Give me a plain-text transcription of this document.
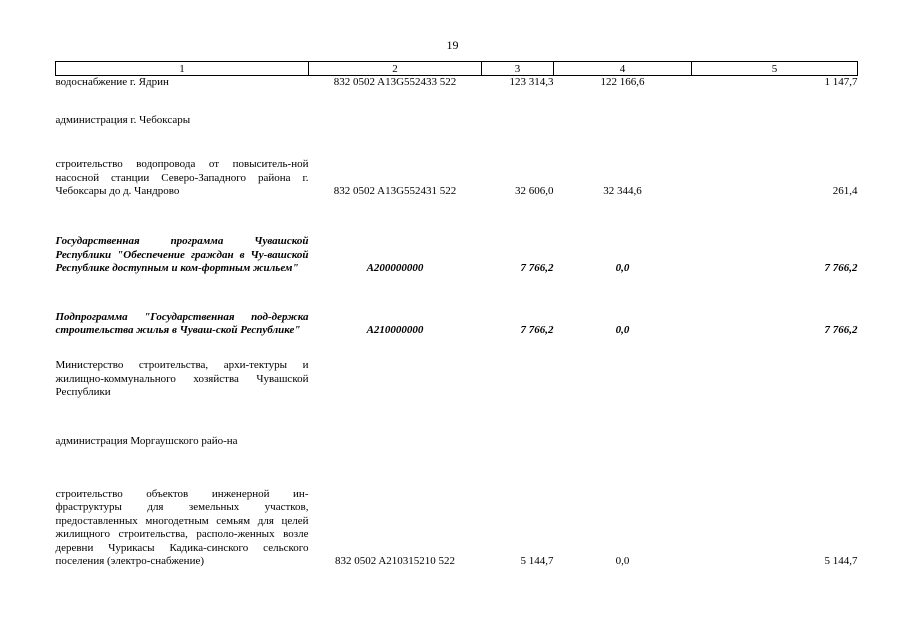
19
1	2	3	4	5
водоснабжение г. Ядрин	832 0502 A13G552433 522	123 314,3	122 166,6	1 147,7
администрация г. Чебоксары				
строительство водопровода от повыситель-ной насосной станции Северо-Западного района г. Чебоксары до д. Чандрово	832 0502 A13G552431 522	32 606,0	32 344,6	261,4
Государственная программа Чувашской Республики "Обеспечение граждан в Чу-вашской Республике доступным и ком-фортным жильем"	A200000000	7 766,2	0,0	7 766,2
Подпрограмма "Государственная под-держка строительства жилья в Чуваш-ской Республике"	A210000000	7 766,2	0,0	7 766,2
Министерство строительства, архи-тектуры и жилищно-коммунального хозяйства Чувашской Республики				
администрация Моргаушского райо-на				
строительство объектов инженерной ин-фраструктуры для земельных участков, предоставленных многодетным семьям для целей жилищного строительства, располо-женных возле деревни Чурикасы Кадика-синского сельского поселения (электро-снабжение)	832 0502 A210315210 522	5 144,7	0,0	5 144,7
